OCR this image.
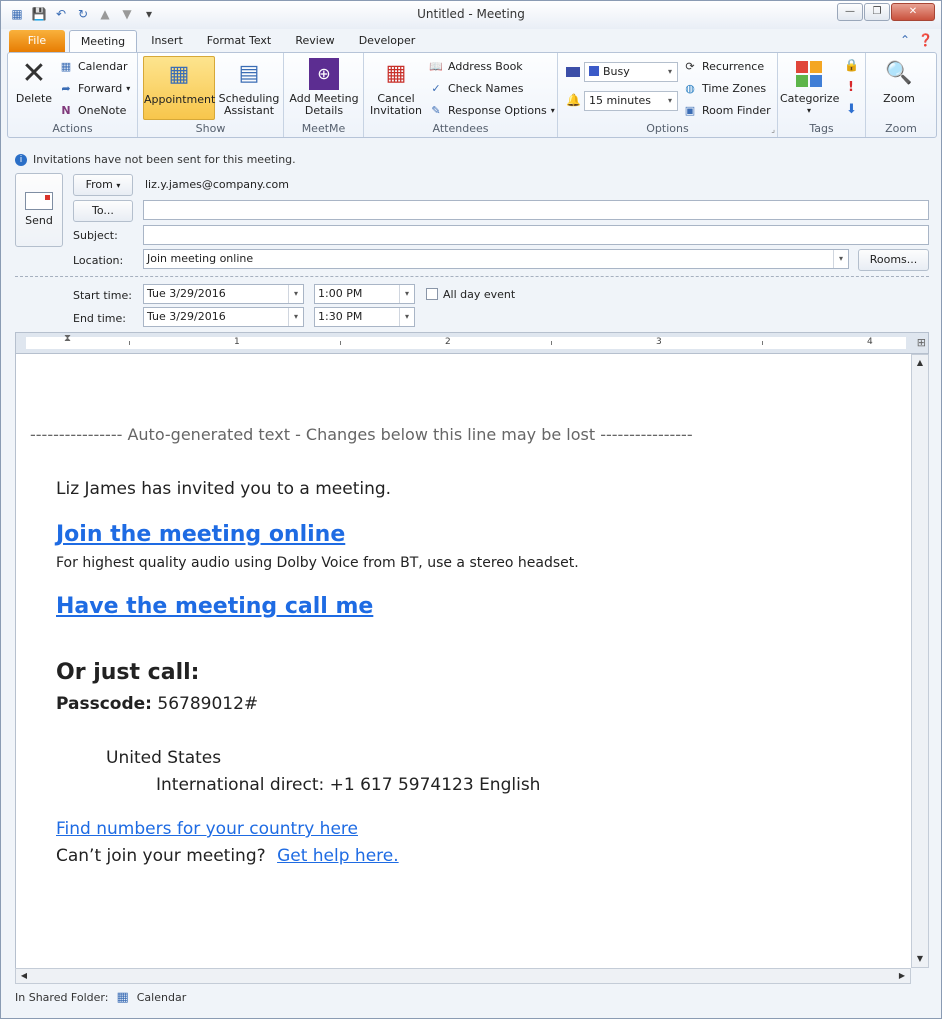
▦ 💾 ↶ ↻ ▲ ▼	▾	Untitled - Meeting	—	❐	✕
File	Meeting	Insert	Format Text	Review	Developer	⌃ ❓
✕
Delete
▦ Calendar
➦ Forward ▾
N OneNote
Actions
▦
Appointment
▤
Scheduling Assistant
Show
⊕
Add Meeting Details
MeetMe
▦
Cancel Invitation
📖 Address Book
✓ Check Names
✎ Response Options ▾
Attendees
Busy	▾
🔔 15 minutes	▾
⟳ Recurrence
◍ Time Zones
▣ Room Finder
Options	⌟
Categorize
▾
🔒
!
⬇
Tags
🔍
Zoom
Zoom
i Invitations have not been sent for this meeting.
Send
From ▾	liz.y.james@company.com
To...
Subject:
Location:	Join meeting online	▾	Rooms...
Start time:	Tue 3/29/2016	▾	1:00 PM	▾	All day event
End time:	Tue 3/29/2016	▾	1:30 PM	▾
1	2	3	4
⧗	⊞
---------------- Auto-generated text - Changes below this line may be lost ----------------
Liz James has invited you to a meeting.
Join the meeting online
For highest quality audio using Dolby Voice from BT, use a stereo headset.
Have the meeting call me
Or just call:
Passcode: 56789012#
United States
International direct: +1 617 5974123 English
Find numbers for your country here
Can’t join your meeting? Get help here.
▲
▼
◀	▶
In Shared Folder: ▦ Calendar
